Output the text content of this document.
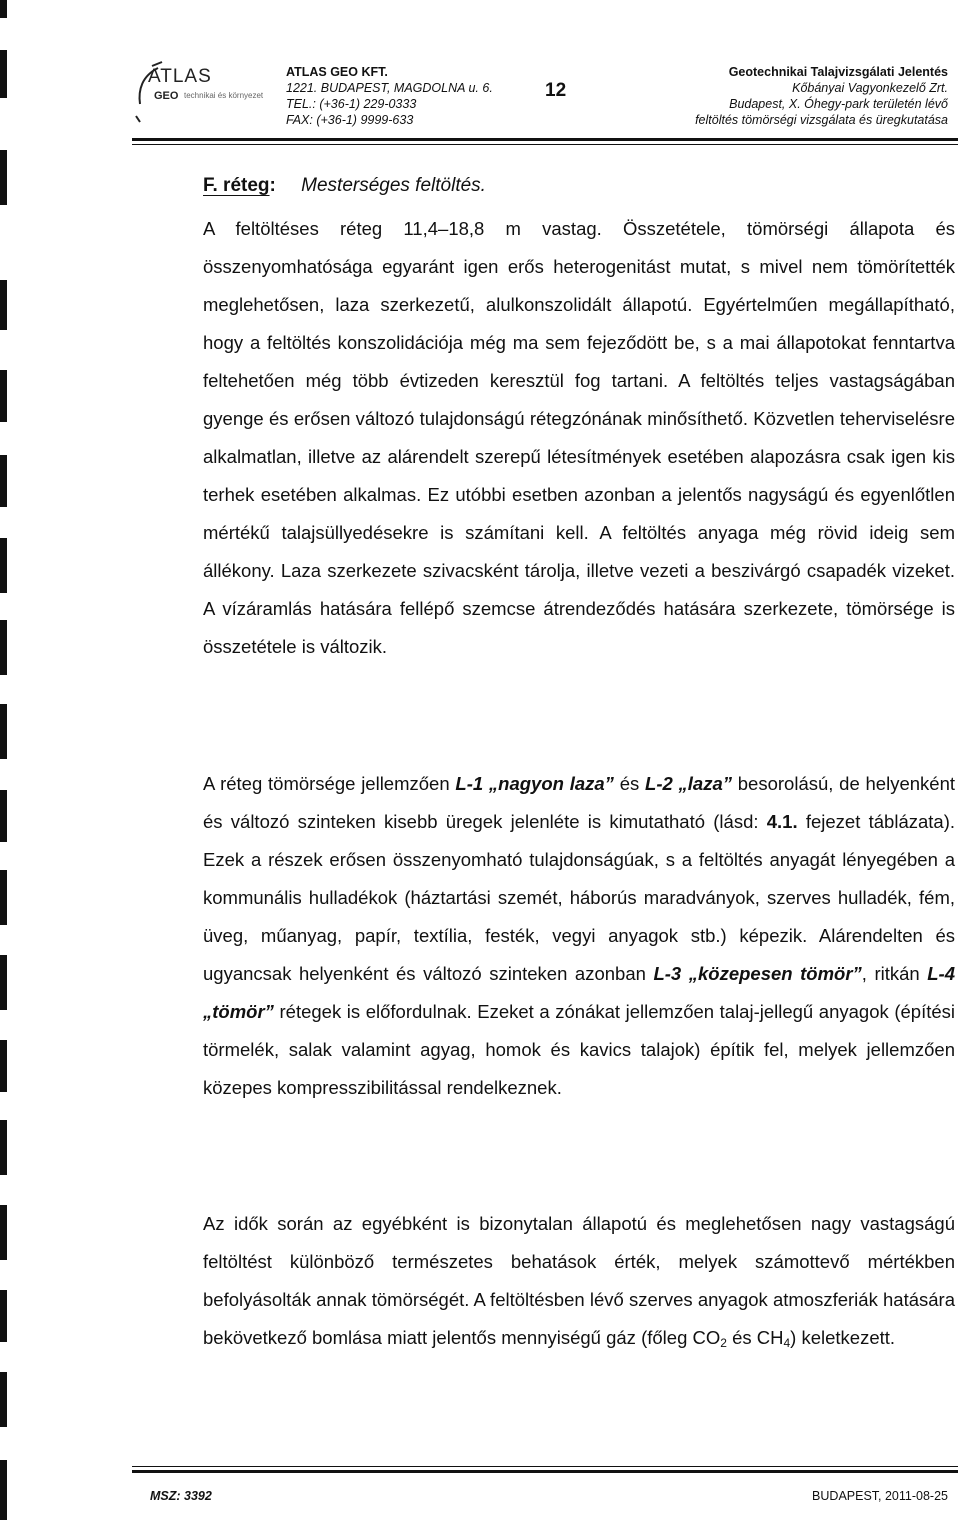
ATLAS
GEO technikai és környezet
ATLAS GEO KFT.
1221. BUDAPEST, MAGDOLNA u. 6.
TEL.: (+36-1) 229-0333
FAX: (+36-1) 9999-633
12
Geotechnikai Talajvizsgálati Jelentés
Kőbányai Vagyonkezelő Zrt.
Budapest, X. Óhegy-park területén lévő
feltöltés tömörségi vizsgálata és üregkutatása
F. réteg: Mesterséges feltöltés.

A feltöltéses réteg 11,4–18,8 m vastag. Összetétele, tömörségi állapota és összenyomhatósága egyaránt igen erős heterogenitást mutat, s mivel nem tömörítették meglehetősen, laza szerkezetű, alulkonszolidált állapotú. Egyértelműen megállapítható, hogy a feltöltés konszolidációja még ma sem fejeződött be, s a mai állapotokat fenntartva feltehetően még több évtizeden keresztül fog tartani. A feltöltés teljes vastagságában gyenge és erősen változó tulajdonságú rétegzónának minősíthető. Közvetlen teherviselésre alkalmatlan, illetve az alárendelt szerepű létesítmények esetében alapozásra csak igen kis terhek esetében alkalmas. Ez utóbbi esetben azonban a jelentős nagyságú és egyenlőtlen mértékű talajsüllyedésekre is számítani kell. A feltöltés anyaga még rövid ideig sem állékony. Laza szerkezete szivacsként tárolja, illetve vezeti a beszivárgó csapadék vizeket. A vízáramlás hatására fellépő szemcse átrendeződés hatására szerkezete, tömörsége is összetétele is változik.

A réteg tömörsége jellemzően L-1 „nagyon laza” és L-2 „laza” besorolású, de helyenként és változó szinteken kisebb üregek jelenléte is kimutatható (lásd: 4.1. fejezet táblázata). Ezek a részek erősen összenyomható tulajdonságúak, s a feltöltés anyagát lényegében a kommunális hulladékok (háztartási szemét, háborús maradványok, szerves hulladék, fém, üveg, műanyag, papír, textília, festék, vegyi anyagok stb.) képezik. Alárendelten és ugyancsak helyenként és változó szinteken azonban L-3 „közepesen tömör”, ritkán L-4 „tömör” rétegek is előfordulnak. Ezeket a zónákat jellemzően talaj-jellegű anyagok (építési törmelék, salak valamint agyag, homok és kavics talajok) építik fel, melyek jellemzően közepes kompresszibilitással rendelkeznek.

Az idők során az egyébként is bizonytalan állapotú és meglehetősen nagy vastagságú feltöltést különböző természetes behatások érték, melyek számottevő mértékben befolyásolták annak tömörségét. A feltöltésben lévő szerves anyagok atmoszferiák hatására bekövetkező bomlása miatt jelentős mennyiségű gáz (főleg $CO_2$ és $CH_4$) keletkezett.

MSZ: 3392	BUDAPEST, 2011-08-25
